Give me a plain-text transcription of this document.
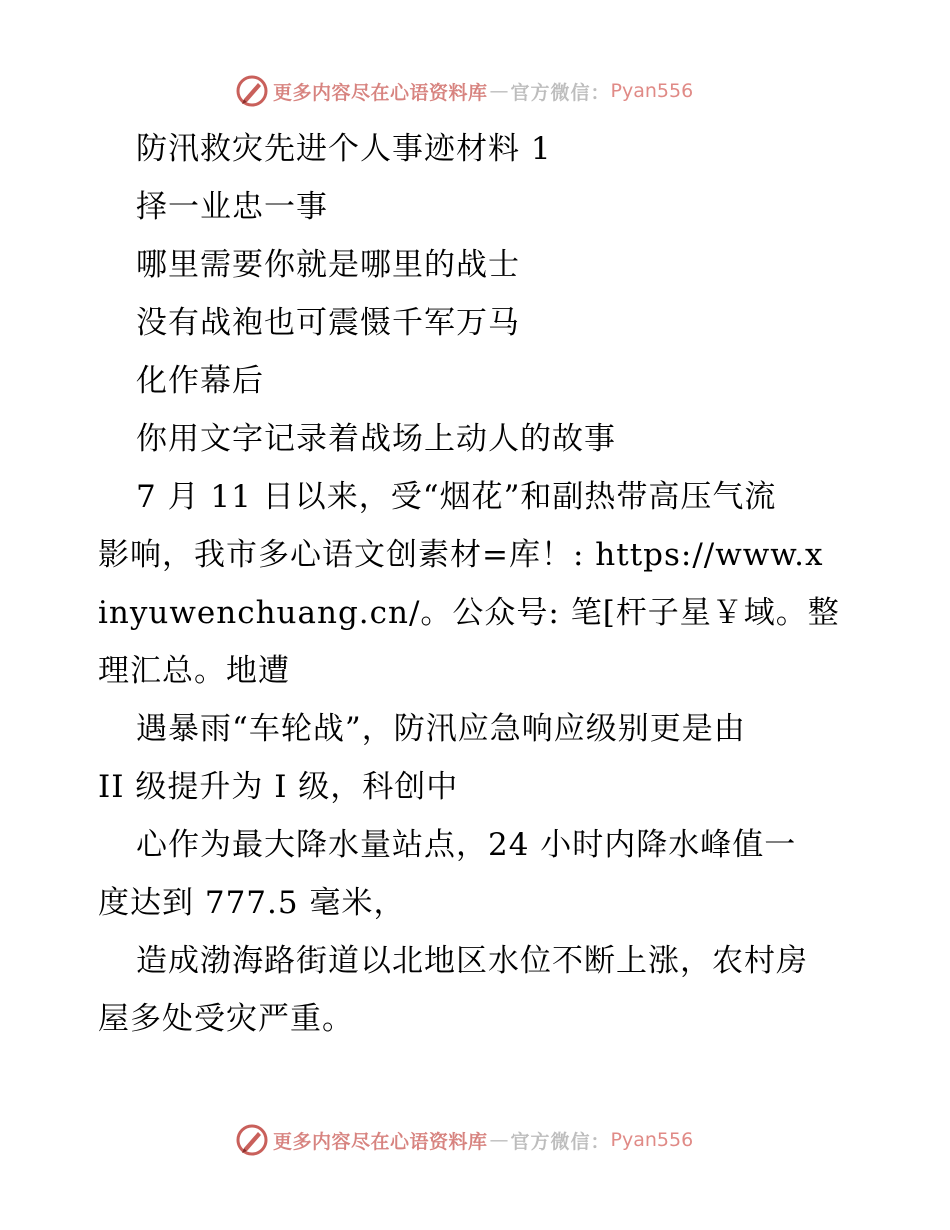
更多内容尽在心语资料库 — 官方微信： Pyan556
防汛救灾先进个人事迹材料 1
择一业忠一事
哪里需要你就是哪里的战士
没有战袍也可震慑千军万马
化作幕后
你用文字记录着战场上动人的故事
7 月 11 日以来，受“烟花”和副热带高压气流
影响，我市多心语文创素材=库！: https://www.x
inyuwenchuang.cn/。公众号: 笔[杆子星￥域。整
理汇总。地遭
遇暴雨“车轮战”，防汛应急响应级别更是由
II 级提升为 I 级，科创中
心作为最大降水量站点，24 小时内降水峰值一
度达到 777.5 毫米，
造成渤海路街道以北地区水位不断上涨，农村房
屋多处受灾严重。
更多内容尽在心语资料库 — 官方微信： Pyan556
